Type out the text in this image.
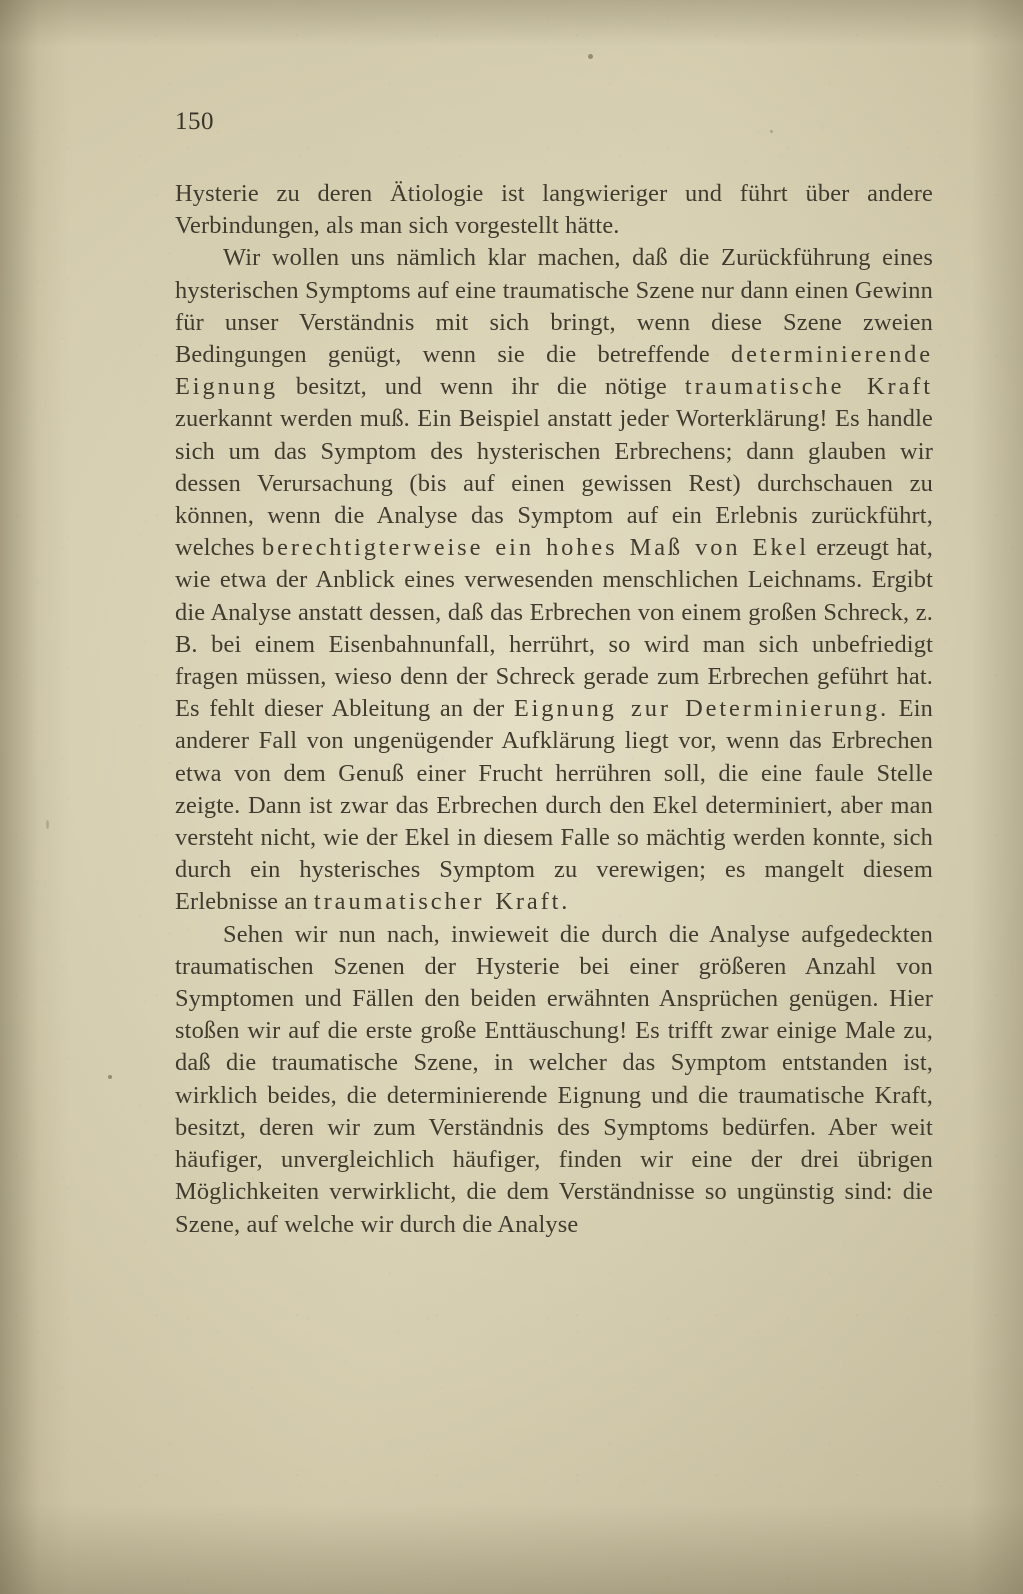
150

Hysterie zu deren Ätiologie ist langwieriger und führt über andere Verbindungen, als man sich vorgestellt hätte.

Wir wollen uns nämlich klar machen, daß die Zurückführung eines hysterischen Symptoms auf eine traumatische Szene nur dann einen Gewinn für unser Verständnis mit sich bringt, wenn diese Szene zweien Bedingungen genügt, wenn sie die betreffende determinierende Eignung besitzt, und wenn ihr die nötige traumatische Kraft zuerkannt werden muß. Ein Beispiel anstatt jeder Worterklärung! Es handle sich um das Symptom des hysterischen Erbrechens; dann glauben wir dessen Verursachung (bis auf einen gewissen Rest) durchschauen zu können, wenn die Analyse das Symptom auf ein Erlebnis zurückführt, welches berechtigterweise ein hohes Maß von Ekel erzeugt hat, wie etwa der Anblick eines verwesenden menschlichen Leichnams. Ergibt die Analyse anstatt dessen, daß das Erbrechen von einem großen Schreck, z. B. bei einem Eisenbahnunfall, herrührt, so wird man sich unbefriedigt fragen müssen, wieso denn der Schreck gerade zum Erbrechen geführt hat. Es fehlt dieser Ableitung an der Eignung zur Determinierung. Ein anderer Fall von ungenügender Aufklärung liegt vor, wenn das Erbrechen etwa von dem Genuß einer Frucht herrühren soll, die eine faule Stelle zeigte. Dann ist zwar das Erbrechen durch den Ekel determiniert, aber man versteht nicht, wie der Ekel in diesem Falle so mächtig werden konnte, sich durch ein hysterisches Symptom zu verewigen; es mangelt diesem Erlebnisse an traumatischer Kraft.

Sehen wir nun nach, inwieweit die durch die Analyse aufgedeckten traumatischen Szenen der Hysterie bei einer größeren Anzahl von Symptomen und Fällen den beiden erwähnten Ansprüchen genügen. Hier stoßen wir auf die erste große Enttäuschung! Es trifft zwar einige Male zu, daß die traumatische Szene, in welcher das Symptom entstanden ist, wirklich beides, die determinierende Eignung und die traumatische Kraft, besitzt, deren wir zum Verständnis des Symptoms bedürfen. Aber weit häufiger, unvergleichlich häufiger, finden wir eine der drei übrigen Möglichkeiten verwirklicht, die dem Verständnisse so ungünstig sind: die Szene, auf welche wir durch die Analyse
